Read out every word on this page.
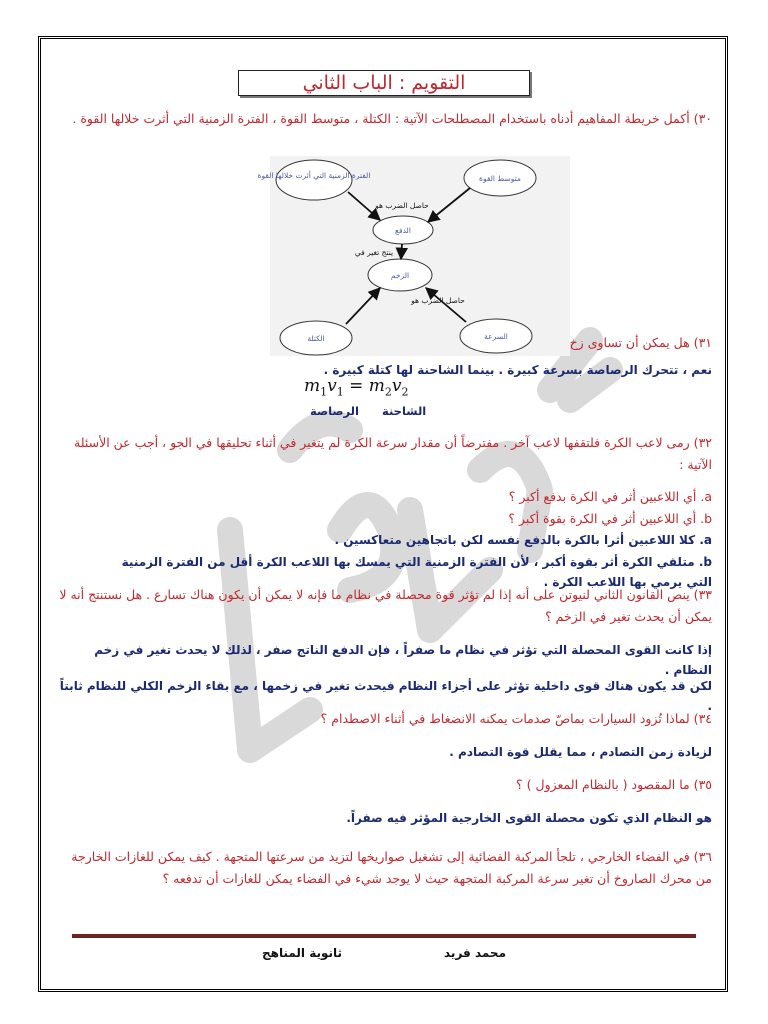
التقويم : الباب الثاني
٣٠) أكمل خريطة المفاهيم أدناه باستخدام المصطلحات الآتية : الكتلة ، متوسط القوة ، الفترة الزمنية التي أثرت خلالها القوة .
الفترة الزمنية التي أثرت خلالها القوة	متوسط القوة
الدفع
الزخم
الكتلة	السرعة
حاصل الضرب هو
ينتج تغير في
حاصل الضرب هو
٣١) هل يمكن أن تساوى زخ
نعم ، تتحرك الرصاصة بسرعة كبيرة . بينما الشاحنة لها كتلة كبيرة .
$m_1v_1 = m_2v_2$
الرصاصة الشاحنة
٣٢) رمى لاعب الكرة فلتقفها لاعب آخر . مفترضاً أن مقدار سرعة الكرة لم يتغير في أثناء تحليقها في الجو ، أجب عن الأسئلة الآتية :
a. أي اللاعبين أثر في الكرة بدفع أكبر ؟
b. أي اللاعبين أثر في الكرة بقوة أكبر ؟
a. كلا اللاعبين أثرا بالكرة بالدفع نفسه لكن باتجاهين متعاكسين .
b. متلقي الكرة أثر بقوة أكبر ، لأن الفترة الزمنية التي يمسك بها اللاعب الكرة أقل من الفترة الزمنية التي يرمي بها اللاعب الكرة .
٣٣) ينص القانون الثاني لنيوتن على أنه إذا لم تؤثر قوة محصلة في نظام ما فإنه لا يمكن أن يكون هناك تسارع . هل نستنتج أنه لا يمكن أن يحدث تغير في الزخم ؟
إذا كانت القوى المحصلة التي تؤثر في نظام ما صفراً ، فإن الدفع الناتج صفر ، لذلك لا يحدث تغير في زخم النظام .
لكن قد يكون هناك قوى داخلية تؤثر على أجزاء النظام فيحدث تغير في زخمها ، مع بقاء الزخم الكلي للنظام ثابتاً .
٣٤) لماذا تُزود السيارات بماصّ صدمات يمكنه الانضغاط في أثناء الاصطدام ؟
لزيادة زمن التصادم ، مما يقلل قوة التصادم .
٣٥) ما المقصود ( بالنظام المعزول ) ؟
هو النظام الذي تكون محصلة القوى الخارجية المؤثر فيه صفراً.
٣٦) في الفضاء الخارجي ، تلجأ المركبة الفضائية إلى تشغيل صواريخها لتزيد من سرعتها المتجهة . كيف يمكن للغازات الخارجة من محرك الصاروخ أن تغير سرعة المركبة المتجهة حيث لا يوجد شيء في الفضاء يمكن للغازات أن تدفعه ؟
محمد فريد
ثانوية المناهج
